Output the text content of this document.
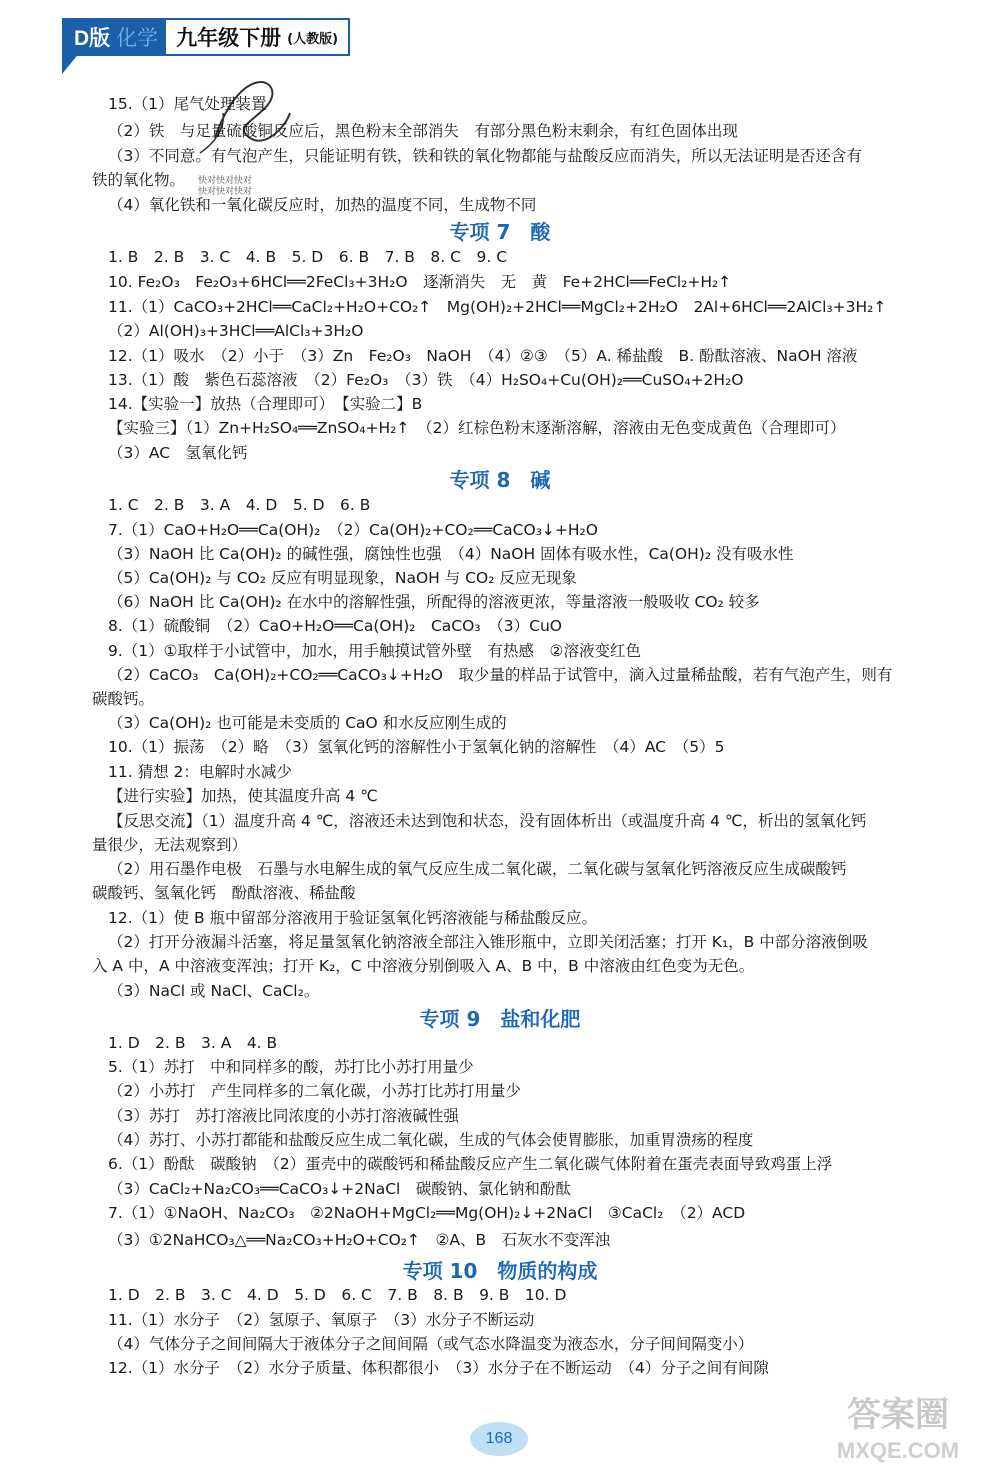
D版 化学 九年级下册 (人教版)
快对快对快对
快对快对快对
15.（1）尾气处理装置
（2）铁　与足量硫酸铜反应后，黑色粉末全部消失　有部分黑色粉末剩余，有红色固体出现
（3）不同意。有气泡产生，只能证明有铁，铁和铁的氧化物都能与盐酸反应而消失，所以无法证明是否还含有
铁的氧化物。
（4）氧化铁和一氧化碳反应时，加热的温度不同，生成物不同
专项 7　酸
1. B　2. B　3. C　4. B　5. D　6. B　7. B　8. C　9. C
10. Fe₂O₃　Fe₂O₃+6HCl══2FeCl₃+3H₂O　逐渐消失　无　黄　Fe+2HCl══FeCl₂+H₂↑
11.（1）CaCO₃+2HCl══CaCl₂+H₂O+CO₂↑　Mg(OH)₂+2HCl══MgCl₂+2H₂O　2Al+6HCl══2AlCl₃+3H₂↑
（2）Al(OH)₃+3HCl══AlCl₃+3H₂O
12.（1）吸水　（2）小于　（3）Zn　Fe₂O₃　NaOH　（4）②③　（5）A. 稀盐酸　B. 酚酞溶液、NaOH 溶液
13.（1）酸　紫色石蕊溶液　（2）Fe₂O₃　（3）铁　（4）H₂SO₄+Cu(OH)₂══CuSO₄+2H₂O
14.【实验一】放热（合理即可）　【实验二】B
【实验三】（1）Zn+H₂SO₄══ZnSO₄+H₂↑　（2）红棕色粉末逐渐溶解，溶液由无色变成黄色（合理即可）
（3）AC　氢氧化钙
专项 8　碱
1. C　2. B　3. A　4. D　5. D　6. B
7.（1）CaO+H₂O══Ca(OH)₂　（2）Ca(OH)₂+CO₂══CaCO₃↓+H₂O
（3）NaOH 比 Ca(OH)₂ 的碱性强，腐蚀性也强　（4）NaOH 固体有吸水性，Ca(OH)₂ 没有吸水性
（5）Ca(OH)₂ 与 CO₂ 反应有明显现象，NaOH 与 CO₂ 反应无现象
（6）NaOH 比 Ca(OH)₂ 在水中的溶解性强，所配得的溶液更浓，等量溶液一般吸收 CO₂ 较多
8.（1）硫酸铜　（2）CaO+H₂O══Ca(OH)₂　CaCO₃　（3）CuO
9.（1）①取样于小试管中，加水，用手触摸试管外壁　有热感　②溶液变红色
（2）CaCO₃　Ca(OH)₂+CO₂══CaCO₃↓+H₂O　取少量的样品于试管中，滴入过量稀盐酸，若有气泡产生，则有
碳酸钙。
（3）Ca(OH)₂ 也可能是未变质的 CaO 和水反应刚生成的
10.（1）振荡　（2）略　（3）氢氧化钙的溶解性小于氢氧化钠的溶解性　（4）AC　（5）5
11. 猜想 2：电解时水减少
【进行实验】加热，使其温度升高 4 ℃
【反思交流】（1）温度升高 4 ℃，溶液还未达到饱和状态，没有固体析出（或温度升高 4 ℃，析出的氢氧化钙
量很少，无法观察到）
（2）用石墨作电极　石墨与水电解生成的氧气反应生成二氧化碳，二氧化碳与氢氧化钙溶液反应生成碳酸钙
碳酸钙、氢氧化钙　酚酞溶液、稀盐酸
12.（1）使 B 瓶中留部分溶液用于验证氢氧化钙溶液能与稀盐酸反应。
（2）打开分液漏斗活塞，将足量氢氧化钠溶液全部注入锥形瓶中，立即关闭活塞；打开 K₁，B 中部分溶液倒吸
入 A 中，A 中溶液变浑浊；打开 K₂，C 中溶液分别倒吸入 A、B 中，B 中溶液由红色变为无色。
（3）NaCl 或 NaCl、CaCl₂。
专项 9　盐和化肥
1. D　2. B　3. A　4. B
5.（1）苏打　中和同样多的酸，苏打比小苏打用量少
（2）小苏打　产生同样多的二氧化碳，小苏打比苏打用量少
（3）苏打　苏打溶液比同浓度的小苏打溶液碱性强
（4）苏打、小苏打都能和盐酸反应生成二氧化碳，生成的气体会使胃膨胀，加重胃溃疡的程度
6.（1）酚酞　碳酸钠　（2）蛋壳中的碳酸钙和稀盐酸反应产生二氧化碳气体附着在蛋壳表面导致鸡蛋上浮
（3）CaCl₂+Na₂CO₃══CaCO₃↓+2NaCl　碳酸钠、氯化钠和酚酞
7.（1）①NaOH、Na₂CO₃　②2NaOH+MgCl₂══Mg(OH)₂↓+2NaCl　③CaCl₂　（2）ACD
（3）①2NaHCO₃△══Na₂CO₃+H₂O+CO₂↑　②A、B　石灰水不变浑浊
专项 10　物质的构成
1. D　2. B　3. C　4. D　5. D　6. C　7. B　8. B　9. B　10. D
11.（1）水分子　（2）氢原子、氧原子　（3）水分子不断运动
（4）气体分子之间间隔大于液体分子之间间隔（或气态水降温变为液态水，分子间间隔变小）
12.（1）水分子　（2）水分子质量、体积都很小　（3）水分子在不断运动　（4）分子之间有间隙
168
答案圈
MXQE.COM
